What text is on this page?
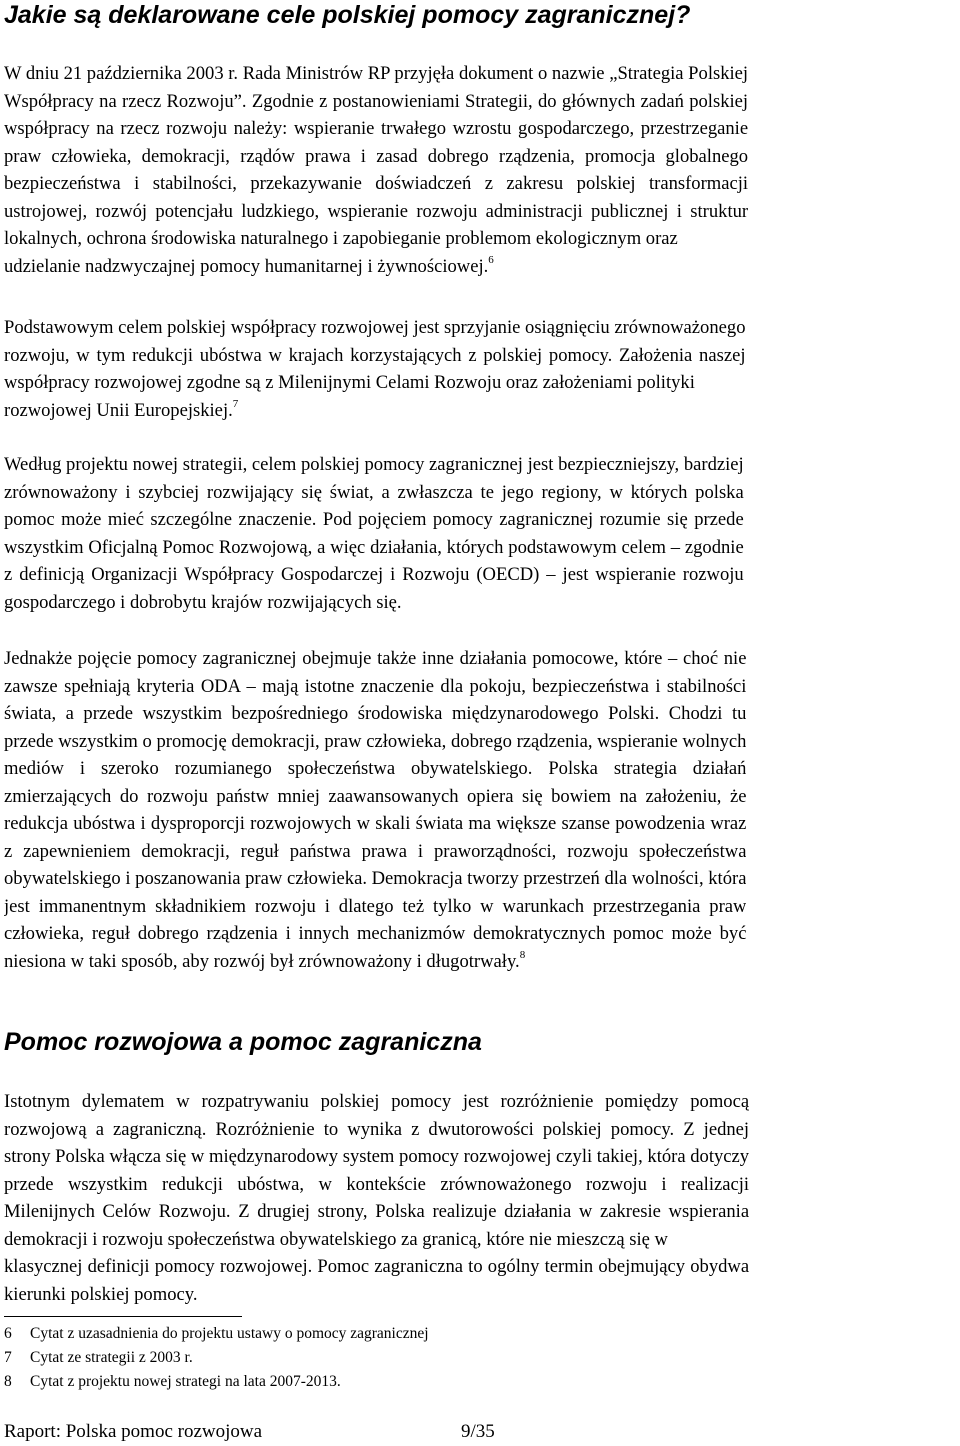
Jakie są deklarowane cele polskiej pomocy zagranicznej?
W dniu 21 października 2003 r. Rada Ministrów RP przyjęła dokument o nazwie „Strategia Polskiej
Współpracy na rzecz Rozwoju”. Zgodnie z postanowieniami Strategii, do głównych zadań polskiej
współpracy na rzecz rozwoju należy: wspieranie trwałego wzrostu gospodarczego, przestrzeganie
praw człowieka, demokracji, rządów prawa i zasad dobrego rządzenia, promocja globalnego
bezpieczeństwa i stabilności, przekazywanie doświadczeń z zakresu polskiej transformacji
ustrojowej, rozwój potencjału ludzkiego, wspieranie rozwoju administracji publicznej i struktur
lokalnych, ochrona środowiska naturalnego i zapobieganie problemom ekologicznym oraz
udzielanie nadzwyczajnej pomocy humanitarnej i żywnościowej.$^6$
Podstawowym celem polskiej współpracy rozwojowej jest sprzyjanie osiągnięciu zrównoważonego
rozwoju, w tym redukcji ubóstwa w krajach korzystających z polskiej pomocy. Założenia naszej
współpracy rozwojowej zgodne są z Milenijnymi Celami Rozwoju oraz założeniami polityki
rozwojowej Unii Europejskiej.$^7$
Według projektu nowej strategii, celem polskiej pomocy zagranicznej jest bezpieczniejszy, bardziej
zrównoważony i szybciej rozwijający się świat, a zwłaszcza te jego regiony, w których polska
pomoc może mieć szczególne znaczenie. Pod pojęciem pomocy zagranicznej rozumie się przede
wszystkim Oficjalną Pomoc Rozwojową, a więc działania, których podstawowym celem – zgodnie
z definicją Organizacji Współpracy Gospodarczej i Rozwoju (OECD) – jest wspieranie rozwoju
gospodarczego i dobrobytu krajów rozwijających się.
Jednakże pojęcie pomocy zagranicznej obejmuje także inne działania pomocowe, które – choć nie
zawsze spełniają kryteria ODA – mają istotne znaczenie dla pokoju, bezpieczeństwa i stabilności
świata, a przede wszystkim bezpośredniego środowiska międzynarodowego Polski. Chodzi tu
przede wszystkim o promocję demokracji, praw człowieka, dobrego rządzenia, wspieranie wolnych
mediów i szeroko rozumianego społeczeństwa obywatelskiego. Polska strategia działań
zmierzających do rozwoju państw mniej zaawansowanych opiera się bowiem na założeniu, że
redukcja ubóstwa i dysproporcji rozwojowych w skali świata ma większe szanse powodzenia wraz
z zapewnieniem demokracji, reguł państwa prawa i praworządności, rozwoju społeczeństwa
obywatelskiego i poszanowania praw człowieka. Demokracja tworzy przestrzeń dla wolności, która
jest immanentnym składnikiem rozwoju i dlatego też tylko w warunkach przestrzegania praw
człowieka, reguł dobrego rządzenia i innych mechanizmów demokratycznych pomoc może być
niesiona w taki sposób, aby rozwój był zrównoważony i długotrwały.$^8$
Pomoc rozwojowa a pomoc zagraniczna
Istotnym dylematem w rozpatrywaniu polskiej pomocy jest rozróżnienie pomiędzy pomocą
rozwojową a zagraniczną. Rozróżnienie to wynika z dwutorowości polskiej pomocy. Z jednej
strony Polska włącza się w międzynarodowy system pomocy rozwojowej czyli takiej, która dotyczy
przede wszystkim redukcji ubóstwa, w kontekście zrównoważonego rozwoju i realizacji
Milenijnych Celów Rozwoju. Z drugiej strony, Polska realizuje działania w zakresie wspierania
demokracji i rozwoju społeczeństwa obywatelskiego za granicą, które nie mieszczą się w
klasycznej definicji pomocy rozwojowej. Pomoc zagraniczna to ogólny termin obejmujący obydwa
kierunki polskiej pomocy.
6 Cytat z uzasadnienia do projektu ustawy o pomocy zagranicznej
7 Cytat ze strategii z 2003 r.
8 Cytat z projektu nowej strategi na lata 2007-2013.
Raport: Polska pomoc rozwojowa	9/35
